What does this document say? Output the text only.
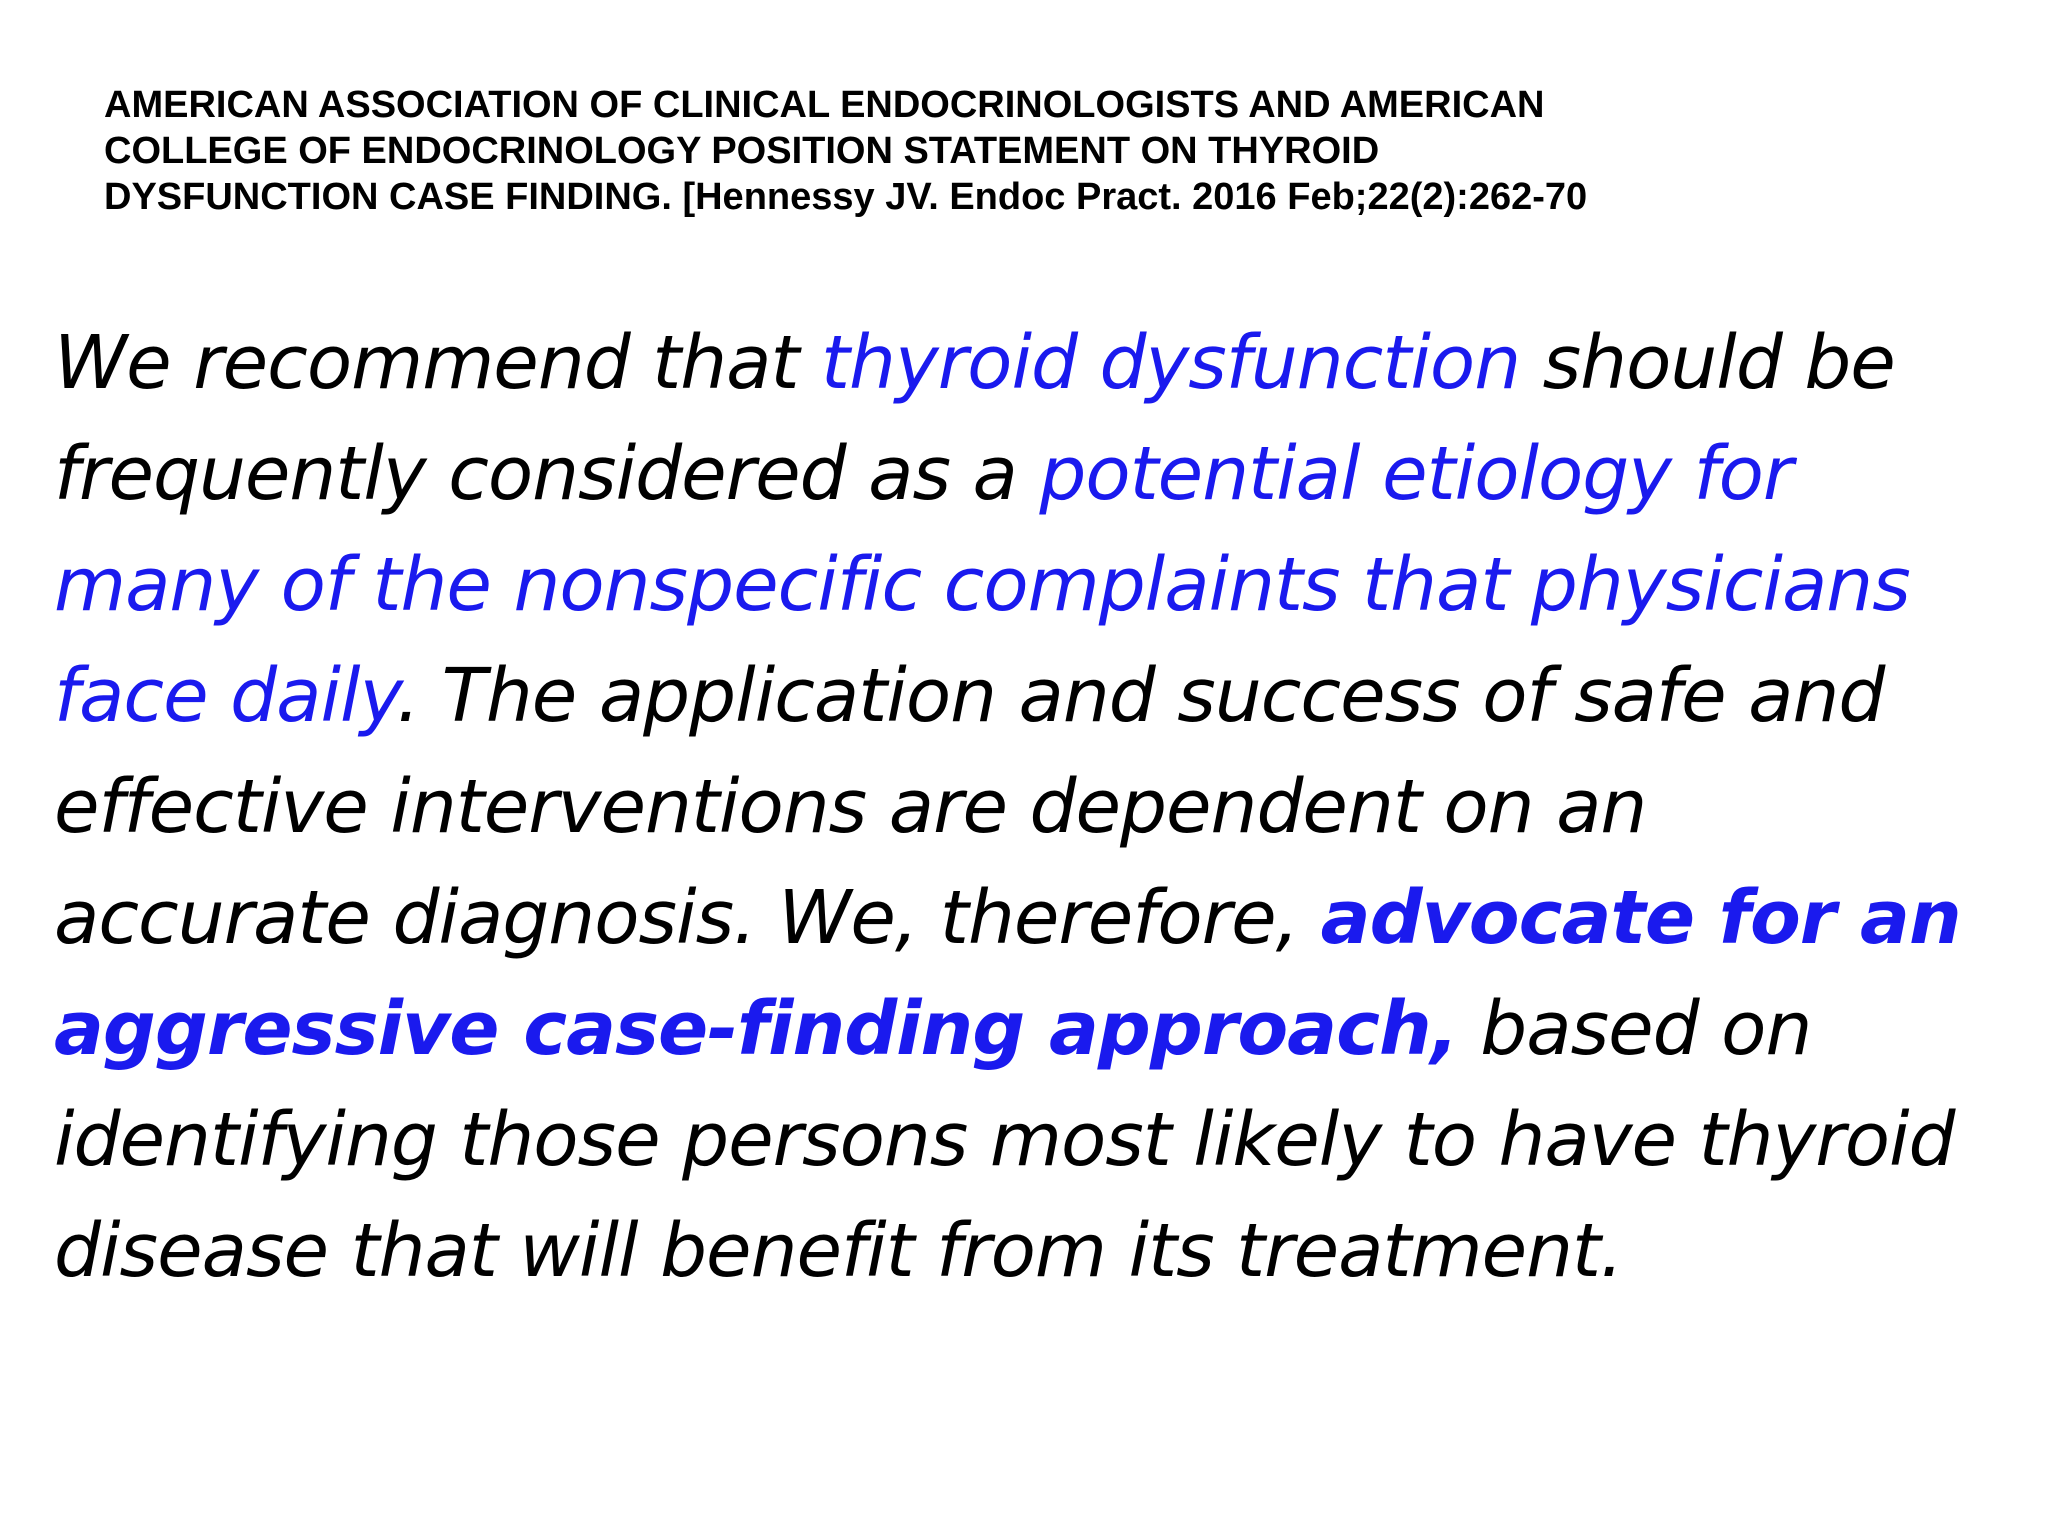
AMERICAN ASSOCIATION OF CLINICAL ENDOCRINOLOGISTS AND AMERICAN
COLLEGE OF ENDOCRINOLOGY POSITION STATEMENT ON THYROID
DYSFUNCTION CASE FINDING. [Hennessy JV. Endoc Pract. 2016 Feb;22(2):262-70
We recommend that thyroid dysfunction should be
frequently considered as a potential etiology for
many of the nonspecific complaints that physicians
face daily. The application and success of safe and
effective interventions are dependent on an
accurate diagnosis. We, therefore, advocate for an
aggressive case-finding approach, based on
identifying those persons most likely to have thyroid
disease that will benefit from its treatment.
